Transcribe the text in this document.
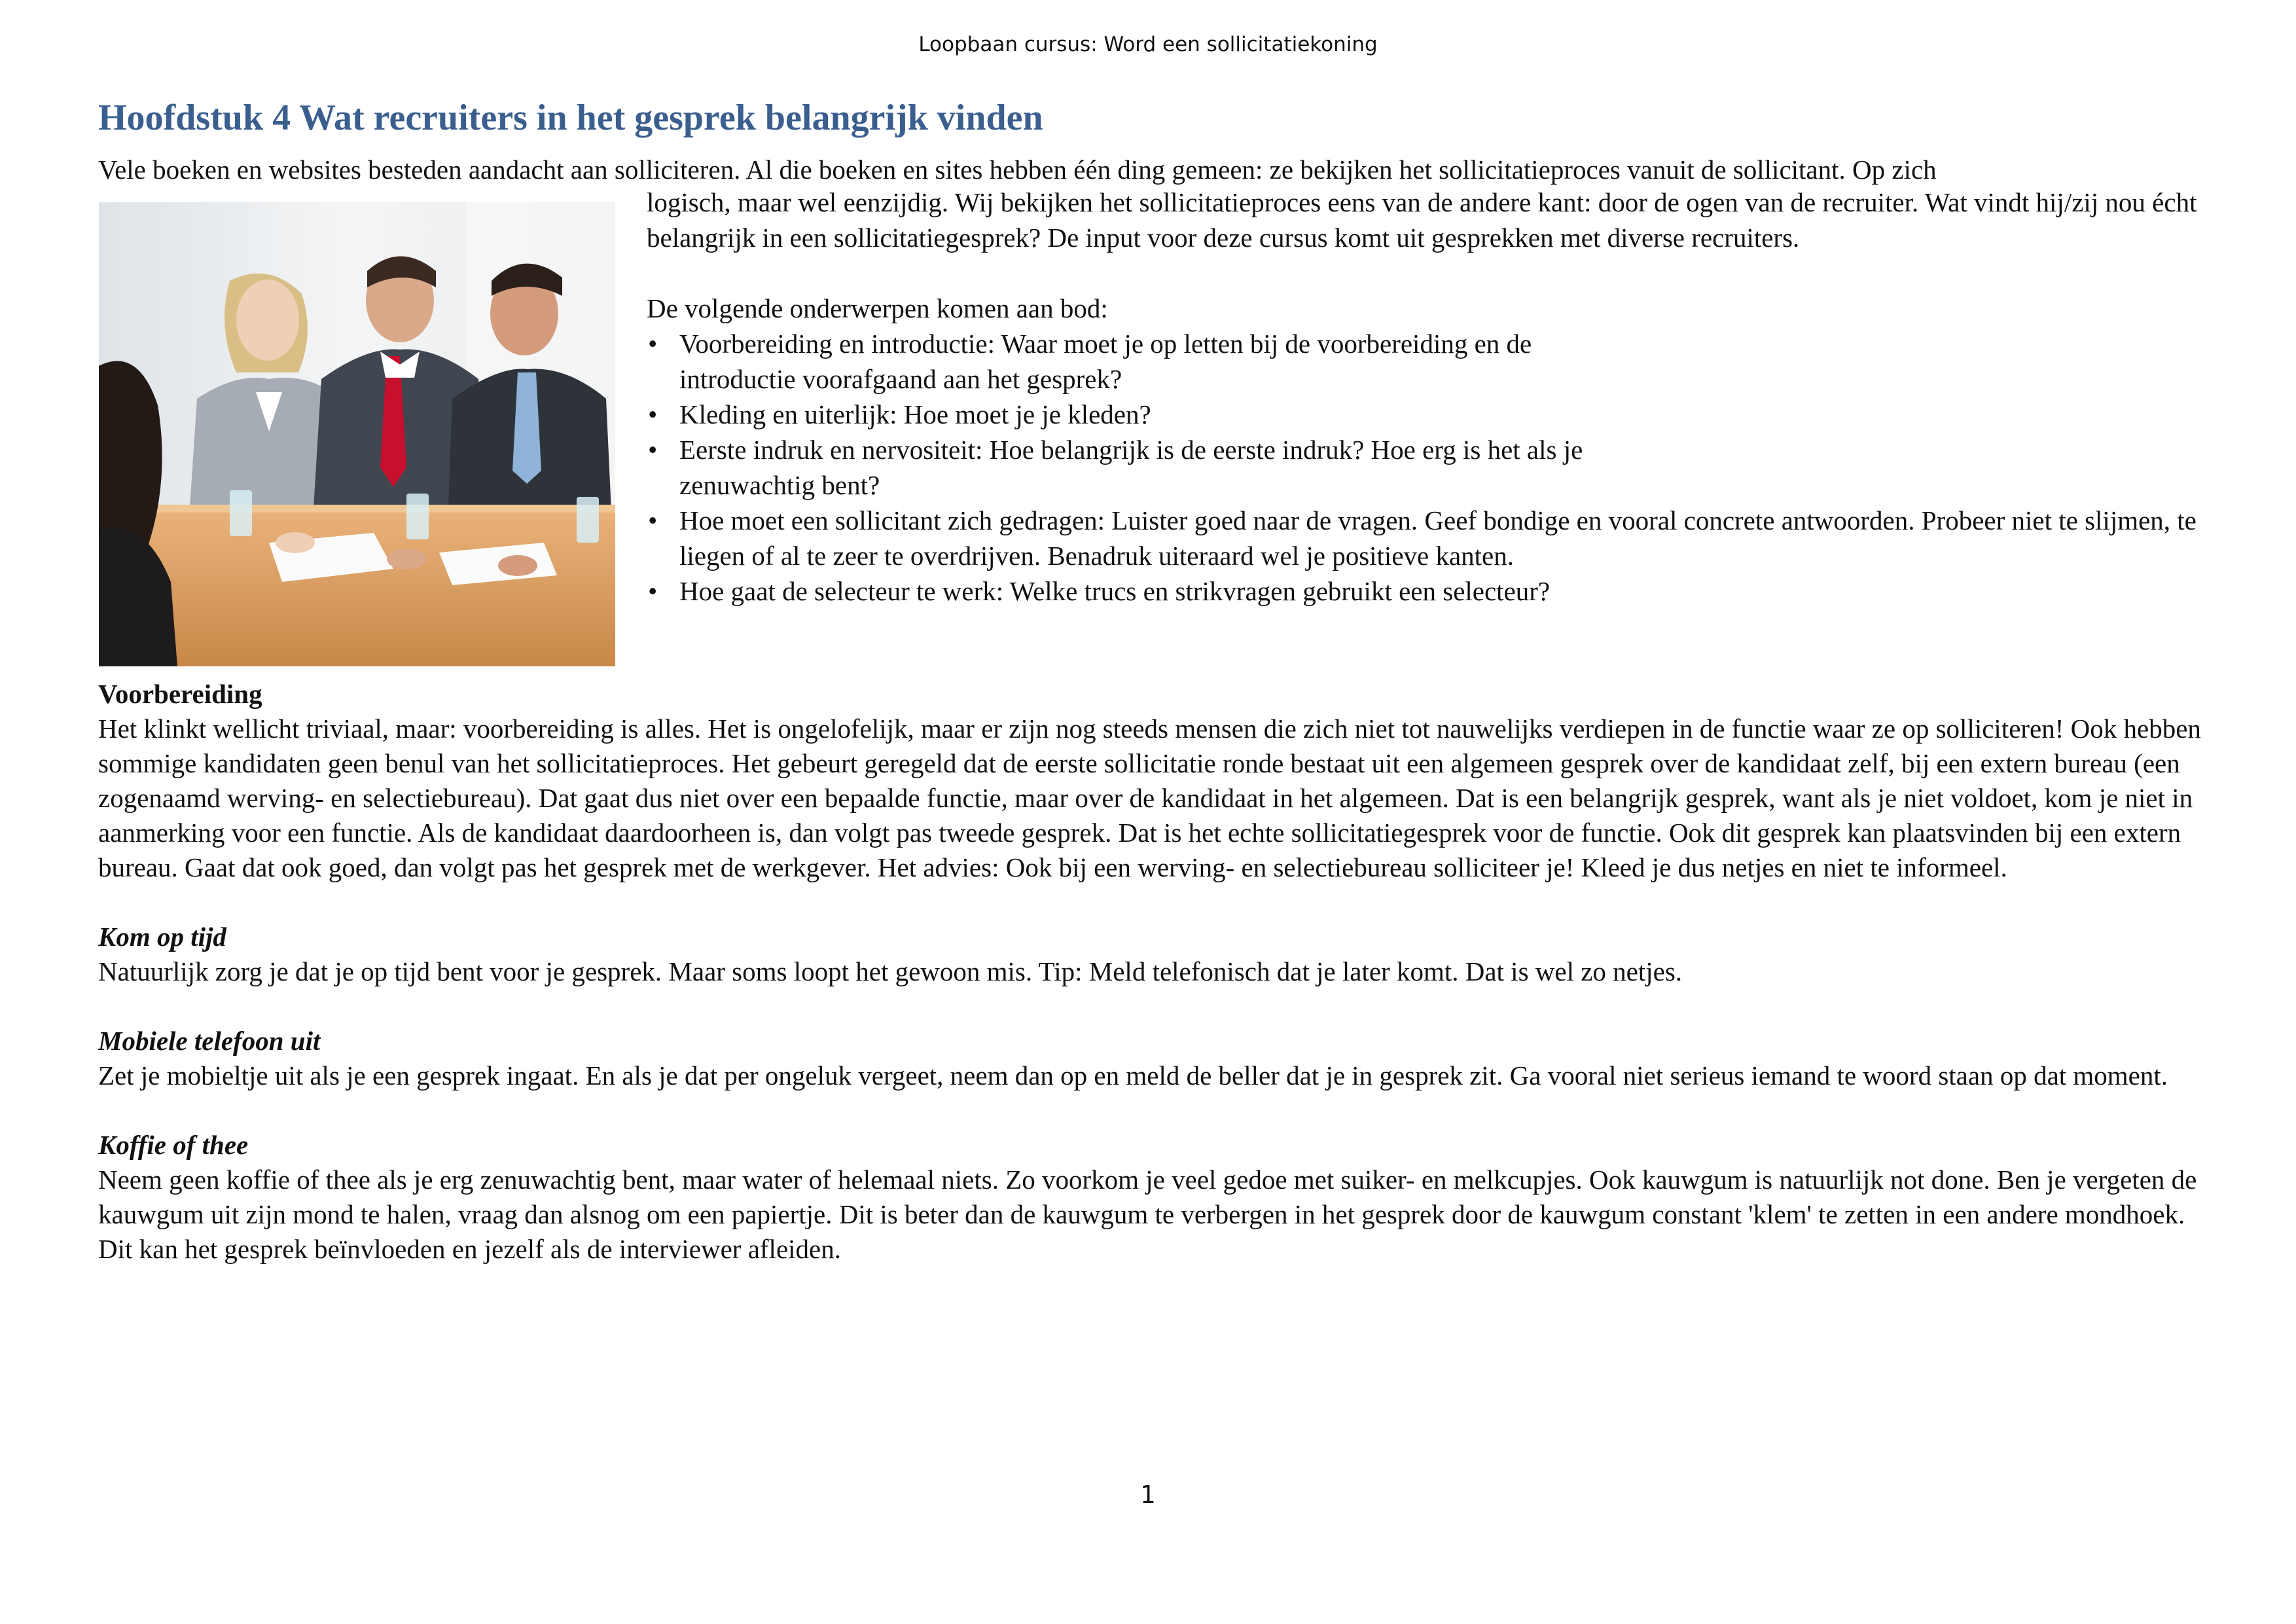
Loopbaan cursus: Word een sollicitatiekoning
Hoofdstuk 4 Wat recruiters in het gesprek belangrijk vinden

Vele boeken en websites besteden aandacht aan solliciteren. Al die boeken en sites hebben één ding gemeen: ze bekijken het sollicitatieproces vanuit de sollicitant. Op zich

logisch, maar wel eenzijdig. Wij bekijken het sollicitatieproces eens van de andere kant: door de ogen van de recruiter. Wat vindt hij/zij nou écht belangrijk in een sollicitatiegesprek? De input voor deze cursus komt uit gesprekken met diverse recruiters.

De volgende onderwerpen komen aan bod:

• Voorbereiding en introductie: Waar moet je op letten bij de voorbereiding en de introductie voorafgaand aan het gesprek?
• Kleding en uiterlijk: Hoe moet je je kleden?
• Eerste indruk en nervositeit: Hoe belangrijk is de eerste indruk? Hoe erg is het als je zenuwachtig bent?
• Hoe moet een sollicitant zich gedragen: Luister goed naar de vragen. Geef bondige en vooral concrete antwoorden. Probeer niet te slijmen, te liegen of al te zeer te overdrijven. Benadruk uiteraard wel je positieve kanten.
• Hoe gaat de selecteur te werk: Welke trucs en strikvragen gebruikt een selecteur?
Voorbereiding

Het klinkt wellicht triviaal, maar: voorbereiding is alles. Het is ongelofelijk, maar er zijn nog steeds mensen die zich niet tot nauwelijks verdiepen in de functie waar ze op solliciteren! Ook hebben sommige kandidaten geen benul van het sollicitatieproces. Het gebeurt geregeld dat de eerste sollicitatie ronde bestaat uit een algemeen gesprek over de kandidaat zelf, bij een extern bureau (een zogenaamd werving- en selectiebureau). Dat gaat dus niet over een bepaalde functie, maar over de kandidaat in het algemeen. Dat is een belangrijk gesprek, want als je niet voldoet, kom je niet in aanmerking voor een functie. Als de kandidaat daardoorheen is, dan volgt pas tweede gesprek. Dat is het echte sollicitatiegesprek voor de functie. Ook dit gesprek kan plaatsvinden bij een extern bureau. Gaat dat ook goed, dan volgt pas het gesprek met de werkgever. Het advies: Ook bij een werving- en selectiebureau solliciteer je! Kleed je dus netjes en niet te informeel.

Kom op tijd

Natuurlijk zorg je dat je op tijd bent voor je gesprek. Maar soms loopt het gewoon mis. Tip: Meld telefonisch dat je later komt. Dat is wel zo netjes.

Mobiele telefoon uit

Zet je mobieltje uit als je een gesprek ingaat. En als je dat per ongeluk vergeet, neem dan op en meld de beller dat je in gesprek zit. Ga vooral niet serieus iemand te woord staan op dat moment.

Koffie of thee

Neem geen koffie of thee als je erg zenuwachtig bent, maar water of helemaal niets. Zo voorkom je veel gedoe met suiker- en melkcupjes. Ook kauwgum is natuurlijk not done. Ben je vergeten de kauwgum uit zijn mond te halen, vraag dan alsnog om een papiertje. Dit is beter dan de kauwgum te verbergen in het gesprek door de kauwgum constant 'klem' te zetten in een andere mondhoek. Dit kan het gesprek beïnvloeden en jezelf als de interviewer afleiden.

1
